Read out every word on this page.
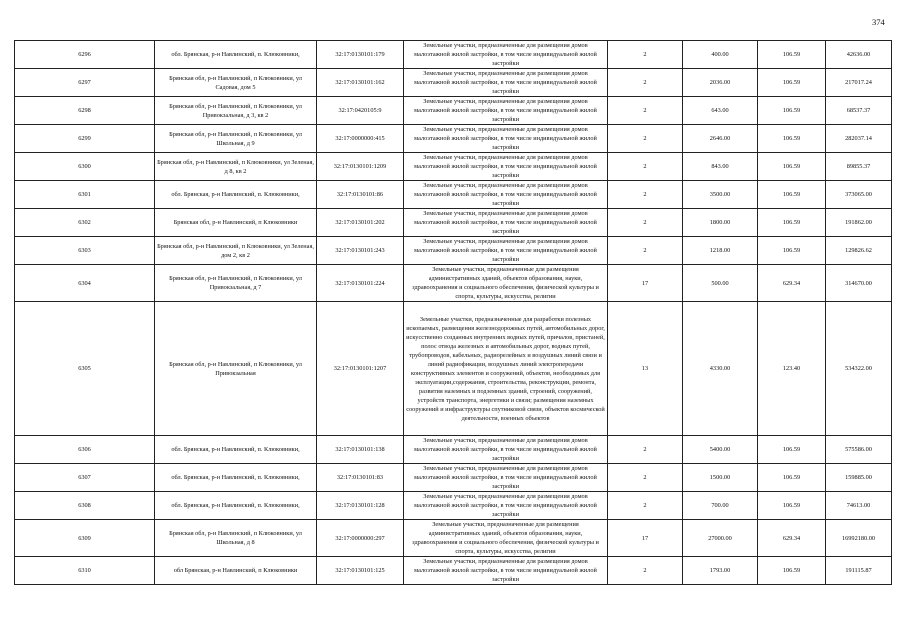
374
6296	обл. Брянская, р-н Навлинский, п. Клюковники,	32:17:0130101:179	Земельные участки, предназначенные для размещения домов малоэтажной жилой застройки, в том числе индивидуальной жилой застройки	2	400.00	106.59	42636.00
6297	Брянская обл, р-н Навлинский, п Клюковники, ул Садовая, дом 5	32:17:0130101:162	Земельные участки, предназначенные для размещения домов малоэтажной жилой застройки, в том числе индивидуальной жилой застройки	2	2036.00	106.59	217017.24
6298	Брянская обл, р-н Навлинский, п Клюковники, ул Привокзальная, д 3, кв 2	32:17:0420105:9	Земельные участки, предназначенные для размещения домов малоэтажной жилой застройки, в том числе индивидуальной жилой застройки	2	643.00	106.59	68537.37
6299	Брянская обл, р-н Навлинский, п Клюковники, ул Школьная, д 9	32:17:0000000:415	Земельные участки, предназначенные для размещения домов малоэтажной жилой застройки, в том числе индивидуальной жилой застройки	2	2646.00	106.59	282037.14
6300	Брянская обл, р-н Навлинский, п Клюковники, ул Зеленая, д 8, кв 2	32:17:0130101:1209	Земельные участки, предназначенные для размещения домов малоэтажной жилой застройки, в том числе индивидуальной жилой застройки	2	843.00	106.59	89855.37
6301	обл. Брянская, р-н Навлинский, п. Клюковники,	32:17:0130101:86	Земельные участки, предназначенные для размещения домов малоэтажной жилой застройки, в том числе индивидуальной жилой застройки	2	3500.00	106.59	373065.00
6302	Брянская обл, р-н Навлинский, п Клюковники	32:17:0130101:202	Земельные участки, предназначенные для размещения домов малоэтажной жилой застройки, в том числе индивидуальной жилой застройки	2	1800.00	106.59	191862.00
6303	Брянская обл, р-н Навлинский, п Клюковники, ул Зеленая, дом 2, кв 2	32:17:0130101:243	Земельные участки, предназначенные для размещения домов малоэтажной жилой застройки, в том числе индивидуальной жилой застройки	2	1218.00	106.59	129826.62
6304	Брянская обл, р-н Навлинский, п Клюковники, ул Привокзальная, д 7	32:17:0130101:224	Земельные участки, предназначенные для размещения административных зданий, объектов образования, науки, здравоохранения и социального обеспечения, физической культуры и спорта, культуры, искусства, религии	17	500.00	629.34	314670.00
6305	Брянская обл, р-н Навлинский, п Клюковники, ул Привокзальная	32:17:0130101:1207	Земельные участки, предназначенные для разработки полезных ископаемых, размещения железнодорожных путей, автомобильных дорог, искусственно созданных внутренних водных путей, причалов, пристаней, полос отвода железных и автомобильных дорог, водных путей, трубопроводов, кабельных, радиорелейных и воздушных линий связи и линий радиофикации, воздушных линий электропередачи конструктивных элементов и сооружений, объектов, необходимых для эксплуатации,содержания, строительства, реконструкции, ремонта, развития наземных и подземных зданий, строений, сооружений, устройств транспорта, энергетики и связи; размещения наземных сооружений и инфраструктуры спутниковой связи, объектов космической деятельности, военных объектов	13	4330.00	123.40	534322.00
6306	обл. Брянская, р-н Навлинский, п. Клюковники,	32:17:0130101:138	Земельные участки, предназначенные для размещения домов малоэтажной жилой застройки, в том числе индивидуальной жилой застройки	2	5400.00	106.59	575586.00
6307	обл. Брянская, р-н Навлинский, п. Клюковники,	32:17:0130101:83	Земельные участки, предназначенные для размещения домов малоэтажной жилой застройки, в том числе индивидуальной жилой застройки	2	1500.00	106.59	159885.00
6308	обл. Брянская, р-н Навлинский, п. Клюковники,	32:17:0130101:128	Земельные участки, предназначенные для размещения домов малоэтажной жилой застройки, в том числе индивидуальной жилой застройки	2	700.00	106.59	74613.00
6309	Брянская обл, р-н Навлинский, п Клюковники, ул Школьная, д 8	32:17:0000000:297	Земельные участки, предназначенные для размещения административных зданий, объектов образования, науки, здравоохранения и социального обеспечения, физической культуры и спорта, культуры, искусства, религии	17	27000.00	629.34	16992180.00
6310	обл Брянская, р-н Навлинский, п Клюковники	32:17:0130101:125	Земельные участки, предназначенные для размещения домов малоэтажной жилой застройки, в том числе индивидуальной жилой застройки	2	1793.00	106.59	191115.87
